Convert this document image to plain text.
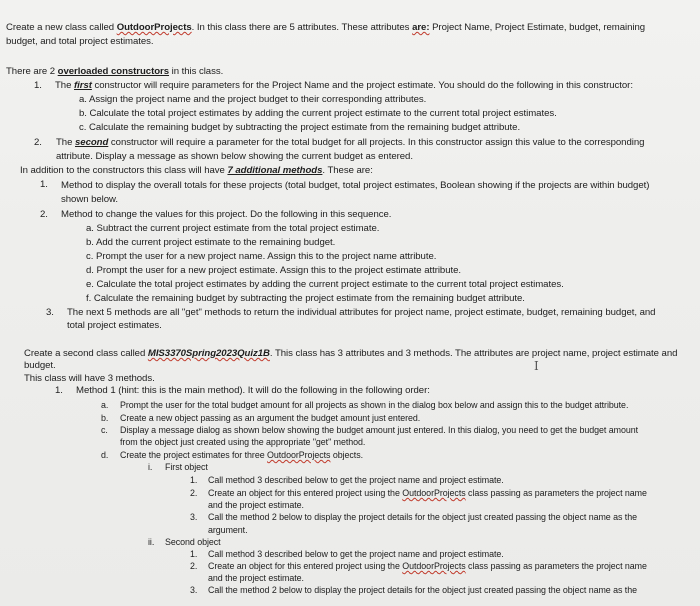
Create a new class called OutdoorProjects. In this class there are 5 attributes. These attributes are: Project Name, Project Estimate, budget, remaining
budget, and total project estimates.
There are 2 overloaded constructors in this class.
1. The first constructor will require parameters for the Project Name and the project estimate. You should do the following in this constructor:
a. Assign the project name and the project budget to their corresponding attributes.
b. Calculate the total project estimates by adding the current project estimate to the current total project estimates.
c. Calculate the remaining budget by subtracting the project estimate from the remaining budget attribute.
2. The second constructor will require a parameter for the total budget for all projects. In this constructor assign this value to the corresponding
attribute. Display a message as shown below showing the current budget as entered.
In addition to the constructors this class will have 7 additional methods. These are:
1. Method to display the overall totals for these projects (total budget, total project estimates, Boolean showing if the projects are within budget)
shown below.
2. Method to change the values for this project. Do the following in this sequence.
a. Subtract the current project estimate from the total project estimate.
b. Add the current project estimate to the remaining budget.
c. Prompt the user for a new project name. Assign this to the project name attribute.
d. Prompt the user for a new project estimate. Assign this to the project estimate attribute.
e. Calculate the total project estimates by adding the current project estimate to the current total project estimates.
f. Calculate the remaining budget by subtracting the project estimate from the remaining budget attribute.
3. The next 5 methods are all "get" methods to return the individual attributes for project name, project estimate, budget, remaining budget, and
total project estimates.
Create a second class called MIS3370Spring2023Quiz1B. This class has 3 attributes and 3 methods. The attributes are project name, project estimate and
budget.	I
This class will have 3 methods.
1. Method 1 (hint: this is the main method). It will do the following in the following order:
a. Prompt the user for the total budget amount for all projects as shown in the dialog box below and assign this to the budget attribute.
b. Create a new object passing as an argument the budget amount just entered.
c. Display a message dialog as shown below showing the budget amount just entered. In this dialog, you need to get the budget amount
from the object just created using the appropriate "get" method.
d. Create the project estimates for three OutdoorProjects objects.
i. First object
1. Call method 3 described below to get the project name and project estimate.
2. Create an object for this entered project using the OutdoorProjects class passing as parameters the project name
and the project estimate.
3. Call the method 2 below to display the project details for the object just created passing the object name as the
argument.
ii. Second object
1. Call method 3 described below to get the project name and project estimate.
2. Create an object for this entered project using the OutdoorProjects class passing as parameters the project name
and the project estimate.
3. Call the method 2 below to display the project details for the object just created passing the object name as the
